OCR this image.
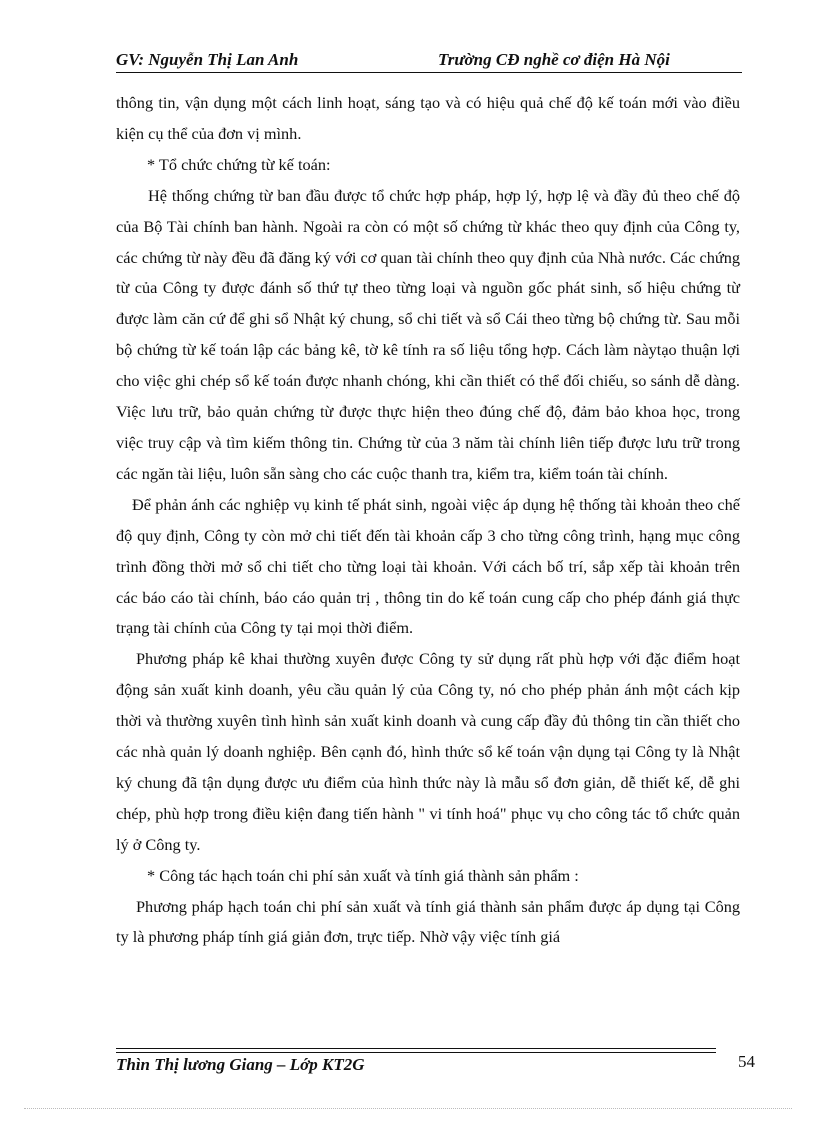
GV: Nguyễn Thị Lan Anh	Trường CĐ nghề cơ điện Hà Nội

thông tin, vận dụng một cách linh hoạt, sáng tạo và có hiệu quả chế độ kế toán mới vào điều kiện cụ thể của đơn vị mình.

* Tổ chức chứng từ kế toán:

Hệ thống chứng từ ban đầu được tổ chức hợp pháp, hợp lý, hợp lệ và đầy đủ theo chế độ của Bộ Tài chính ban hành. Ngoài ra còn có một số chứng từ khác theo quy định của Công ty, các chứng từ này đều đã đăng ký với cơ quan tài chính theo quy định của Nhà nước. Các chứng từ của Công ty được đánh số thứ tự theo từng loại và nguồn gốc phát sinh, số hiệu chứng từ được làm căn cứ để ghi sổ Nhật ký chung, sổ chi tiết và sổ Cái theo từng bộ chứng từ. Sau mỗi bộ chứng từ kế toán lập các bảng kê, tờ kê tính ra số liệu tổng hợp. Cách làm nàytạo thuận lợi cho việc ghi chép sổ kế toán được nhanh chóng, khi cần thiết có thể đối chiếu, so sánh dễ dàng. Việc lưu trữ, bảo quản chứng từ được thực hiện theo đúng chế độ, đảm bảo khoa học, trong việc truy cập và tìm kiếm thông tin. Chứng từ của 3 năm tài chính liên tiếp được lưu trữ trong các ngăn tài liệu, luôn sẵn sàng cho các cuộc thanh tra, kiểm tra, kiểm toán tài chính.

Để phản ánh các nghiệp vụ kinh tế phát sinh, ngoài việc áp dụng hệ thống tài khoản theo chế độ quy định, Công ty còn mở chi tiết đến tài khoản cấp 3 cho từng công trình, hạng mục công trình đồng thời mở sổ chi tiết cho từng loại tài khoản. Với cách bố trí, sắp xếp tài khoản trên các báo cáo tài chính, báo cáo quản trị , thông tin do kế toán cung cấp cho phép đánh giá thực trạng tài chính của Công ty tại mọi thời điểm.

Phương pháp kê khai thường xuyên được Công ty sử dụng rất phù hợp với đặc điểm hoạt động sản xuất kinh doanh, yêu cầu quản lý của Công ty, nó cho phép phản ánh một cách kịp thời và thường xuyên tình hình sản xuất kinh doanh và cung cấp đầy đủ thông tin cần thiết cho các nhà quản lý doanh nghiệp. Bên cạnh đó, hình thức sổ kế toán vận dụng tại Công ty là Nhật ký chung đã tận dụng được ưu điểm của hình thức này là mẫu sổ đơn giản, dễ thiết kế, dễ ghi chép, phù hợp trong điều kiện đang tiến hành " vi tính hoá" phục vụ cho công tác tổ chức quản lý ở Công ty.

* Công tác hạch toán chi phí sản xuất và tính giá thành sản phẩm :

Phương pháp hạch toán chi phí sản xuất và tính giá thành sản phẩm được áp dụng tại Công ty là phương pháp tính giá giản đơn, trực tiếp. Nhờ vậy việc tính giá

Thìn Thị lương Giang – Lớp KT2G	54
